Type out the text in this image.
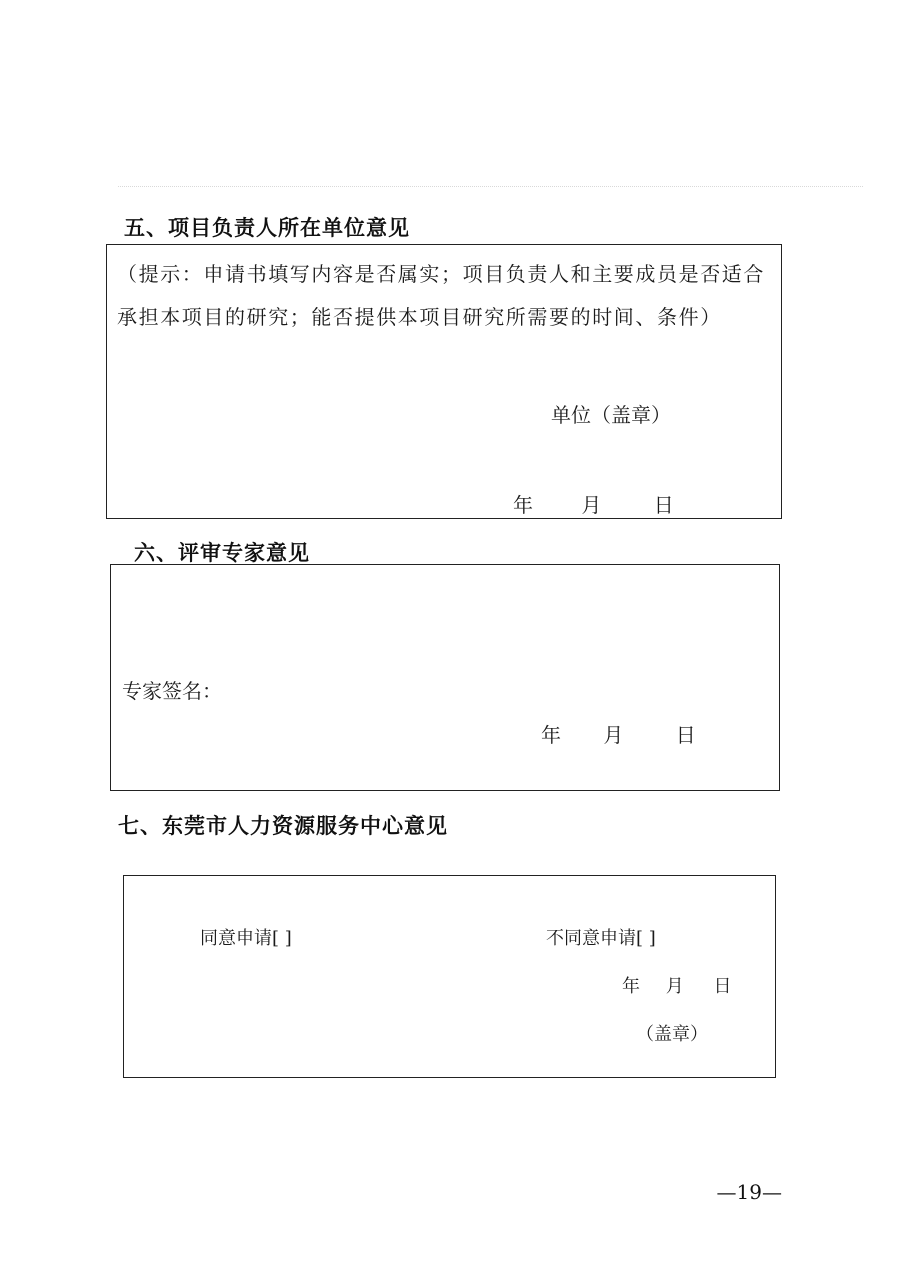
五、项目负责人所在单位意见
（提示：申请书填写内容是否属实；项目负责人和主要成员是否适合承担本项目的研究；能否提供本项目研究所需要的时间、条件）
单位（盖章）
年 月	日
六、评审专家意见
专家签名：
年 月	日
七、东莞市人力资源服务中心意见
同意申请[ ]	不同意申请[ ]
年 月 日
（盖章）
—19—
